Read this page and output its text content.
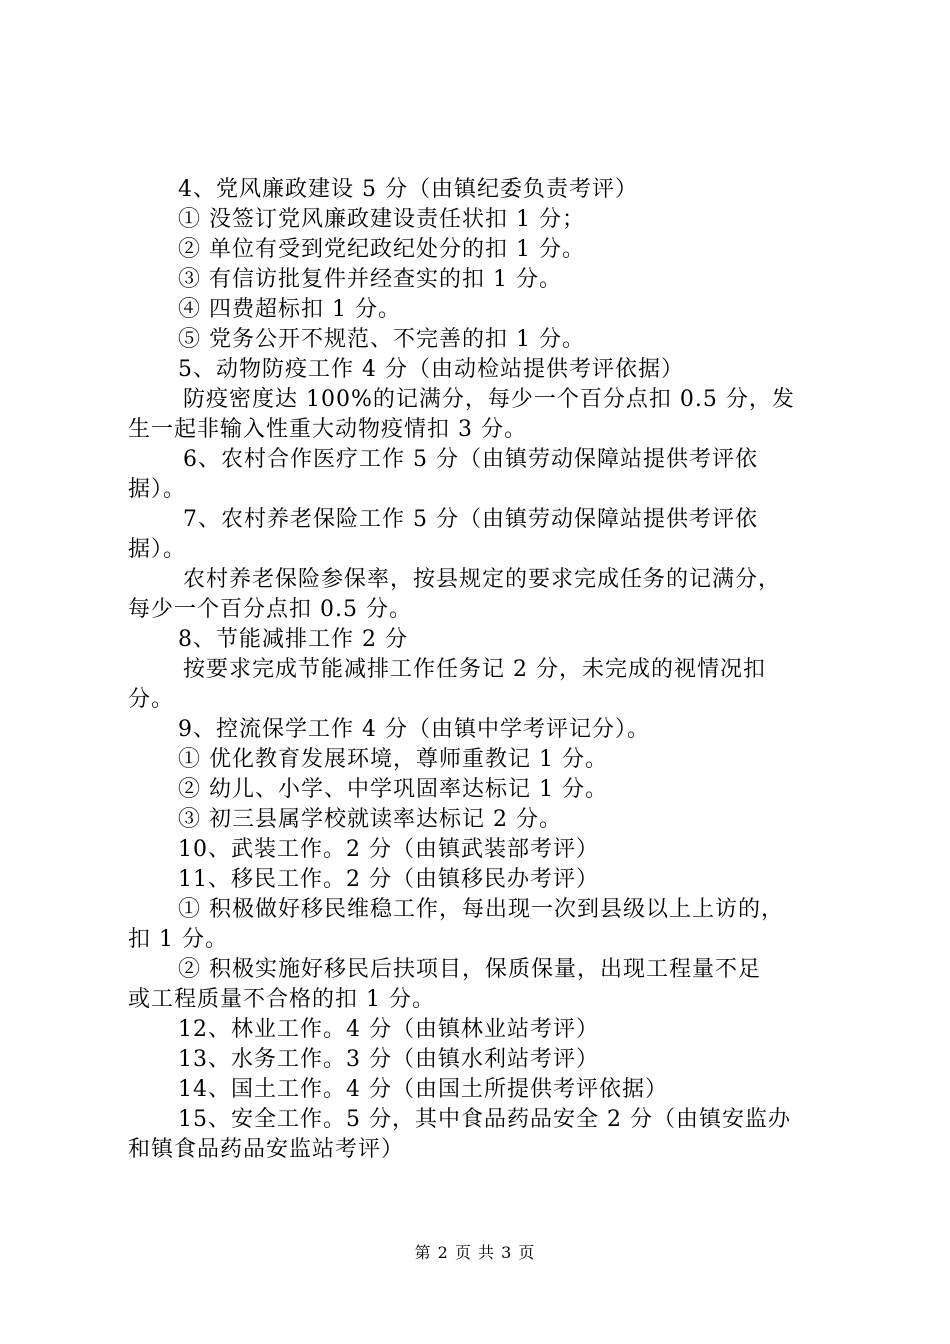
4、党风廉政建设 5 分（由镇纪委负责考评）
① 没签订党风廉政建设责任状扣 1 分；
② 单位有受到党纪政纪处分的扣 1 分。
③ 有信访批复件并经查实的扣 1 分。
④ 四费超标扣 1 分。
⑤ 党务公开不规范、不完善的扣 1 分。
5、动物防疫工作 4 分（由动检站提供考评依据）
防疫密度达 100%的记满分，每少一个百分点扣 0.5 分，发
生一起非输入性重大动物疫情扣 3 分。
6、农村合作医疗工作 5 分（由镇劳动保障站提供考评依
据）。
7、农村养老保险工作 5 分（由镇劳动保障站提供考评依
据）。
农村养老保险参保率，按县规定的要求完成任务的记满分，
每少一个百分点扣 0.5 分。
8、节能减排工作 2 分
按要求完成节能减排工作任务记 2 分，未完成的视情况扣
分。
9、控流保学工作 4 分（由镇中学考评记分）。
① 优化教育发展环境，尊师重教记 1 分。
② 幼儿、小学、中学巩固率达标记 1 分。
③ 初三县属学校就读率达标记 2 分。
10、武装工作。2 分（由镇武装部考评）
11、移民工作。2 分（由镇移民办考评）
① 积极做好移民维稳工作，每出现一次到县级以上上访的，
扣 1 分。
② 积极实施好移民后扶项目，保质保量，出现工程量不足
或工程质量不合格的扣 1 分。
12、林业工作。4 分（由镇林业站考评）
13、水务工作。3 分（由镇水利站考评）
14、国土工作。4 分（由国土所提供考评依据）
15、安全工作。5 分，其中食品药品安全 2 分（由镇安监办
和镇食品药品安监站考评）
第 2 页 共 3 页
